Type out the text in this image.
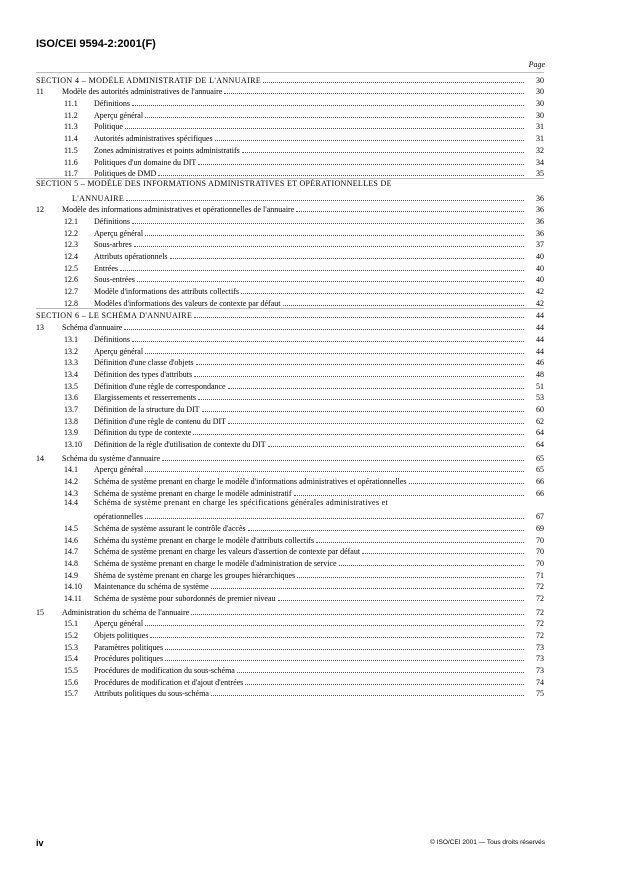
ISO/CEI 9594-2:2001(F)
Page
SECTION 4 – MODÈLE ADMINISTRATIF DE L'ANNUAIRE	30
11	Modèle des autorités administratives de l'annuaire	30
11.1	Définitions	30
11.2	Aperçu général	30
11.3	Politique	31
11.4	Autorités administratives spécifiques	31
11.5	Zones administratives et points administratifs	32
11.6	Politiques d'un domaine du DIT	34
11.7	Politiques de DMD	35
SECTION 5 – MODÈLE DES INFORMATIONS ADMINISTRATIVES ET OPÉRATIONNELLES DE
L'ANNUAIRE	36
12	Modèle des informations administratives et opérationnelles de l'annuaire	36
12.1	Définitions	36
12.2	Aperçu général	36
12.3	Sous-arbres	37
12.4	Attributs opérationnels	40
12.5	Entrées	40
12.6	Sous-entrées	40
12.7	Modèle d'informations des attributs collectifs	42
12.8	Modèles d'informations des valeurs de contexte par défaut	42
SECTION 6 – LE SCHÉMA D'ANNUAIRE	44
13	Schéma d'annuaire	44
13.1	Définitions	44
13.2	Aperçu général	44
13.3	Définition d'une classe d'objets	46
13.4	Définition des types d'attributs	48
13.5	Définition d'une règle de correspondance	51
13.6	Elargissements et resserrements	53
13.7	Définition de la structure du DIT	60
13.8	Définition d'une règle de contenu du DIT	62
13.9	Définition du type de contexte	64
13.10	Définition de la règle d'utilisation de contexte du DIT	64
14	Schéma du système d'annuaire	65
14.1	Aperçu général	65
14.2	Schéma de système prenant en charge le modèle d'informations administratives et opérationnelles	66
14.3	Schéma de système prenant en charge le modèle administratif	66
14.4	Schéma de système prenant en charge les spécifications générales administratives et
opérationnelles	67
14.5	Schéma de système assurant le contrôle d'accès	69
14.6	Schéma du système prenant en charge le modèle d'attributs collectifs	70
14.7	Schéma de système prenant en charge les valeurs d'assertion de contexte par défaut	70
14.8	Schéma de système prenant en charge le modèle d'administration de service	70
14.9	Shéma de système prenant en charge les groupes hiérarchiques	71
14.10	Maintenance du schéma de système	72
14.11	Schéma de système pour subordonnés de premier niveau	72
15	Administration du schéma de l'annuaire	72
15.1	Aperçu général	72
15.2	Objets politiques	72
15.3	Paramètres politiques	73
15.4	Procédures politiques	73
15.5	Procédures de modification du sous-schéma	73
15.6	Procédures de modification et d'ajout d'entrées	74
15.7	Attributs politiques du sous-schéma	75
iv	© ISO/CEI 2001 — Tous droits réservés
